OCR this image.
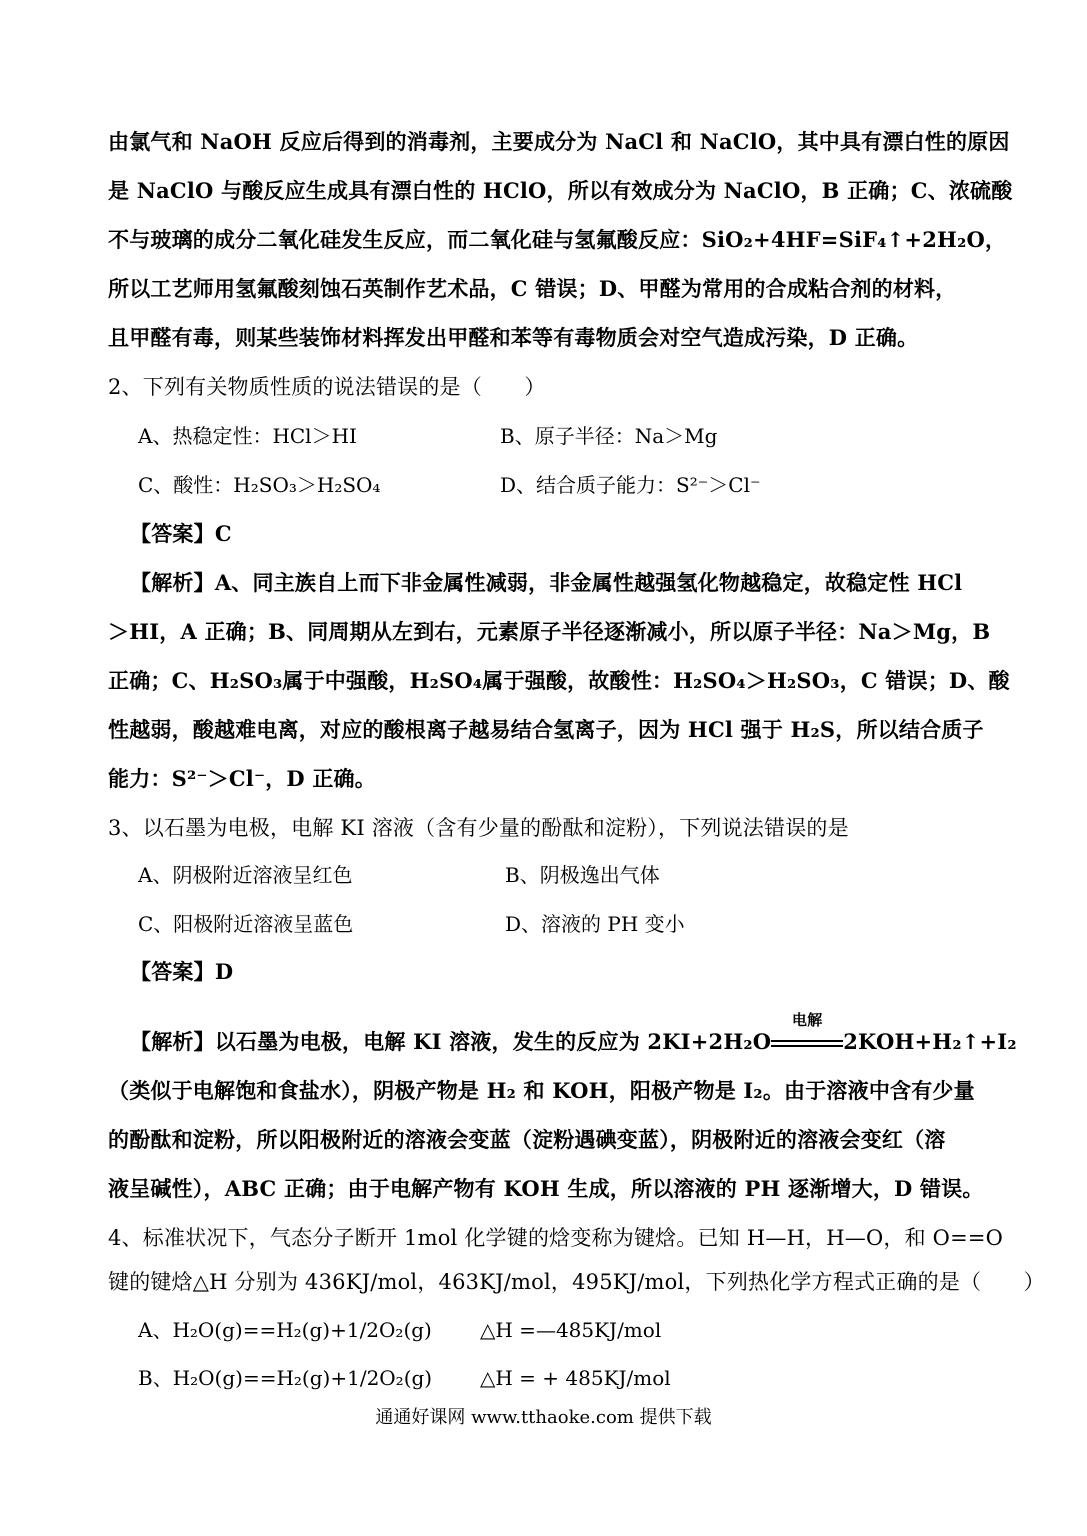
由氯气和 NaOH 反应后得到的消毒剂，主要成分为 NaCl 和 NaClO，其中具有漂白性的原因
是 NaClO 与酸反应生成具有漂白性的 HClO，所以有效成分为 NaClO，B 正确；C、浓硫酸
不与玻璃的成分二氧化硅发生反应，而二氧化硅与氢氟酸反应：SiO₂+4HF=SiF₄↑+2H₂O，
所以工艺师用氢氟酸刻蚀石英制作艺术品，C 错误；D、甲醛为常用的合成粘合剂的材料，
且甲醛有毒，则某些装饰材料挥发出甲醛和苯等有毒物质会对空气造成污染，D 正确。
2、下列有关物质性质的说法错误的是（　　）
A、热稳定性：HCl＞HI	B、原子半径：Na＞Mg
C、酸性：H₂SO₃＞H₂SO₄	D、结合质子能力：S²⁻＞Cl⁻
【答案】C
【解析】A、同主族自上而下非金属性减弱，非金属性越强氢化物越稳定，故稳定性 HCl
＞HI，A 正确；B、同周期从左到右，元素原子半径逐渐减小，所以原子半径：Na＞Mg，B
正确；C、H₂SO₃属于中强酸，H₂SO₄属于强酸，故酸性：H₂SO₄＞H₂SO₃，C 错误；D、酸
性越弱，酸越难电离，对应的酸根离子越易结合氢离子，因为 HCl 强于 H₂S，所以结合质子
能力：S²⁻＞Cl⁻，D 正确。
3、以石墨为电极，电解 KI 溶液（含有少量的酚酞和淀粉），下列说法错误的是
A、阴极附近溶液呈红色	B、阴极逸出气体
C、阳极附近溶液呈蓝色	D、溶液的 PH 变小
【答案】D
【解析】以石墨为电极，电解 KI 溶液，发生的反应为 2KI+2H₂O
电解
2KOH+H₂↑+I₂
（类似于电解饱和食盐水），阴极产物是 H₂ 和 KOH，阳极产物是 I₂。由于溶液中含有少量
的酚酞和淀粉，所以阳极附近的溶液会变蓝（淀粉遇碘变蓝），阴极附近的溶液会变红（溶
液呈碱性），ABC 正确；由于电解产物有 KOH 生成，所以溶液的 PH 逐渐增大，D 错误。
4、标准状况下，气态分子断开 1mol 化学键的焓变称为键焓。已知 H—H，H—O，和 O==O
键的键焓△H 分别为 436KJ/mol，463KJ/mol，495KJ/mol，下列热化学方程式正确的是（　　）
A、H₂O(g)==H₂(g)+1/2O₂(g) △H =—485KJ/mol
B、H₂O(g)==H₂(g)+1/2O₂(g) △H = + 485KJ/mol
通通好课网 www.tthaoke.com 提供下载
